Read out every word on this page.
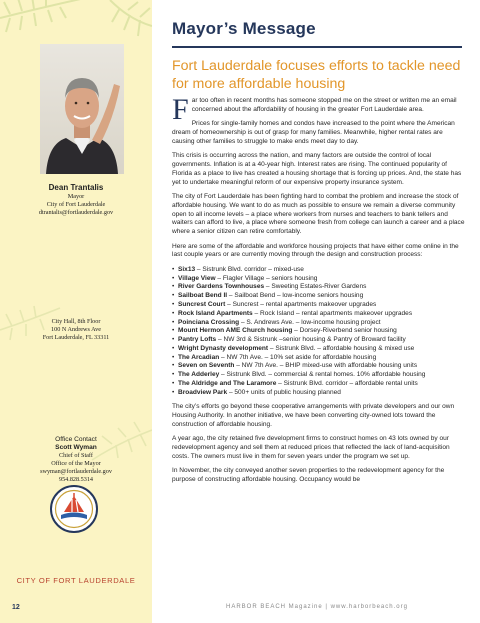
Dean Trantalis
Mayor
City of Fort Lauderdale
dtrantalis@fortlauderdale.gov
City Hall, 8th Floor
100 N Andrews Ave
Fort Lauderdale, FL 33311
Office Contact
Scott Wyman
Chief of Staff
Office of the Mayor
swyman@fortlauderdale.gov
954.828.5314
CITY OF FORT LAUDERDALE
Mayor’s Message
Fort Lauderdale focuses efforts to tackle need for more affordable housing

Far too often in recent months has someone stopped me on the street or written me an email concerned about the affordability of housing in the greater Fort Lauderdale area.

Prices for single-family homes and condos have increased to the point where the American dream of homeownership is out of grasp for many families. Meanwhile, higher rental rates are causing other families to struggle to make ends meet day to day.

This crisis is occurring across the nation, and many factors are outside the control of local governments. Inflation is at a 40-year high. Interest rates are rising. The continued popularity of Florida as a place to live has created a housing shortage that is forcing up prices. And, the state has yet to undertake meaningful reform of our expensive property insurance system.

The city of Fort Lauderdale has been fighting hard to combat the problem and increase the stock of affordable housing. We want to do as much as possible to ensure we remain a diverse community open to all income levels – a place where workers from nurses and teachers to bank tellers and waiters can afford to live, a place where someone fresh from college can launch a career and a place where a senior citizen can retire comfortably.

Here are some of the affordable and workforce housing projects that have either come online in the last couple years or are currently moving through the design and construction process:

• Six13 – Sistrunk Blvd. corridor – mixed-use
• Village View – Flagler Village – seniors housing
• River Gardens Townhouses – Sweeting Estates-River Gardens
• Sailboat Bend II – Sailboat Bend – low-income seniors housing
• Suncrest Court – Suncrest – rental apartments makeover upgrades
• Rock Island Apartments – Rock Island – rental apartments makeover upgrades
• Poinciana Crossing – S. Andrews Ave. – low-income housing project
• Mount Hermon AME Church housing – Dorsey-Riverbend senior housing
• Pantry Lofts – NW 3rd & Sistrunk –senior housing & Pantry of Broward facility
• Wright Dynasty development – Sistrunk Blvd. – affordable housing & mixed use
• The Arcadian – NW 7th Ave. – 10% set aside for affordable housing
• Seven on Seventh – NW 7th Ave. – BHIP mixed-use with affordable housing units
• The Adderley – Sistrunk Blvd. – commercial & rental homes. 10% affordable housing
• The Aldridge and The Laramore – Sistrunk Blvd. corridor – affordable rental units
• Broadview Park – 500+ units of public housing planned

The city’s efforts go beyond these cooperative arrangements with private developers and our own Housing Authority. In another initiative, we have been converting city-owned lots toward the construction of affordable housing.

A year ago, the city retained five development firms to construct homes on 43 lots owned by our redevelopment agency and sell them at reduced prices that reflected the lack of land-acquisition costs. The owners must live in them for seven years under the program we set up.

In November, the city conveyed another seven properties to the redevelopment agency for the purpose of constructing affordable housing. Occupancy would be

12	HARBOR BEACH Magazine | www.harborbeach.org
